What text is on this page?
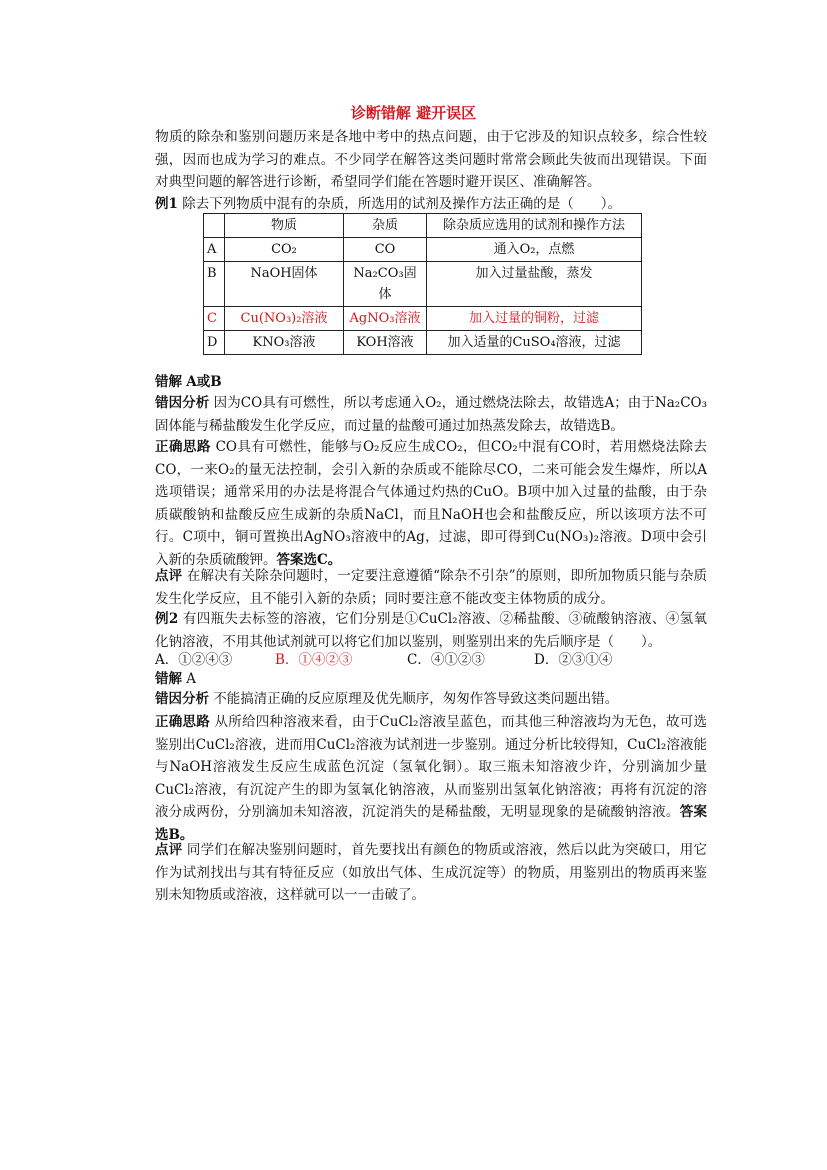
诊断错解 避开误区
物质的除杂和鉴别问题历来是各地中考中的热点问题，由于它涉及的知识点较多，综合性较强，因而也成为学习的难点。不少同学在解答这类问题时常常会顾此失彼而出现错误。下面对典型问题的解答进行诊断，希望同学们能在答题时避开误区、准确解答。
例1 除去下列物质中混有的杂质，所选用的试剂及操作方法正确的是（　　）。
	物质	杂质	除杂质应选用的试剂和操作方法
A	CO₂	CO	通入O₂，点燃
B	NaOH固体	Na₂CO₃固体	加入过量盐酸，蒸发
C	Cu(NO₃)₂溶液	AgNO₃溶液	加入过量的铜粉，过滤
D	KNO₃溶液	KOH溶液	加入适量的CuSO₄溶液，过滤
错解 A或B
错因分析 因为CO具有可燃性，所以考虑通入O₂，通过燃烧法除去，故错选A；由于Na₂CO₃固体能与稀盐酸发生化学反应，而过量的盐酸可通过加热蒸发除去，故错选B。
正确思路 CO具有可燃性，能够与O₂反应生成CO₂，但CO₂中混有CO时，若用燃烧法除去CO，一来O₂的量无法控制，会引入新的杂质或不能除尽CO，二来可能会发生爆炸，所以A选项错误；通常采用的办法是将混合气体通过灼热的CuO。B项中加入过量的盐酸，由于杂质碳酸钠和盐酸反应生成新的杂质NaCl，而且NaOH也会和盐酸反应，所以该项方法不可行。C项中，铜可置换出AgNO₃溶液中的Ag，过滤，即可得到Cu(NO₃)₂溶液。D项中会引入新的杂质硫酸钾。答案选C。
点评 在解决有关除杂问题时，一定要注意遵循“除杂不引杂”的原则，即所加物质只能与杂质发生化学反应，且不能引入新的杂质；同时要注意不能改变主体物质的成分。
例2 有四瓶失去标签的溶液，它们分别是①CuCl₂溶液、②稀盐酸、③硫酸钠溶液、④氢氧化钠溶液，不用其他试剂就可以将它们加以鉴别，则鉴别出来的先后顺序是（　　）。
A．①②④③	B．①④②③	C．④①②③	D．②③①④
错解 A
错因分析 不能搞清正确的反应原理及优先顺序，匆匆作答导致这类问题出错。
正确思路 从所给四种溶液来看，由于CuCl₂溶液呈蓝色，而其他三种溶液均为无色，故可选鉴别出CuCl₂溶液，进而用CuCl₂溶液为试剂进一步鉴别。通过分析比较得知，CuCl₂溶液能与NaOH溶液发生反应生成蓝色沉淀（氢氧化铜）。取三瓶未知溶液少许，分别滴加少量CuCl₂溶液，有沉淀产生的即为氢氧化钠溶液，从而鉴别出氢氧化钠溶液；再将有沉淀的溶液分成两份，分别滴加未知溶液，沉淀消失的是稀盐酸，无明显现象的是硫酸钠溶液。答案选B。
点评 同学们在解决鉴别问题时，首先要找出有颜色的物质或溶液，然后以此为突破口，用它作为试剂找出与其有特征反应（如放出气体、生成沉淀等）的物质，用鉴别出的物质再来鉴别未知物质或溶液，这样就可以一一击破了。
